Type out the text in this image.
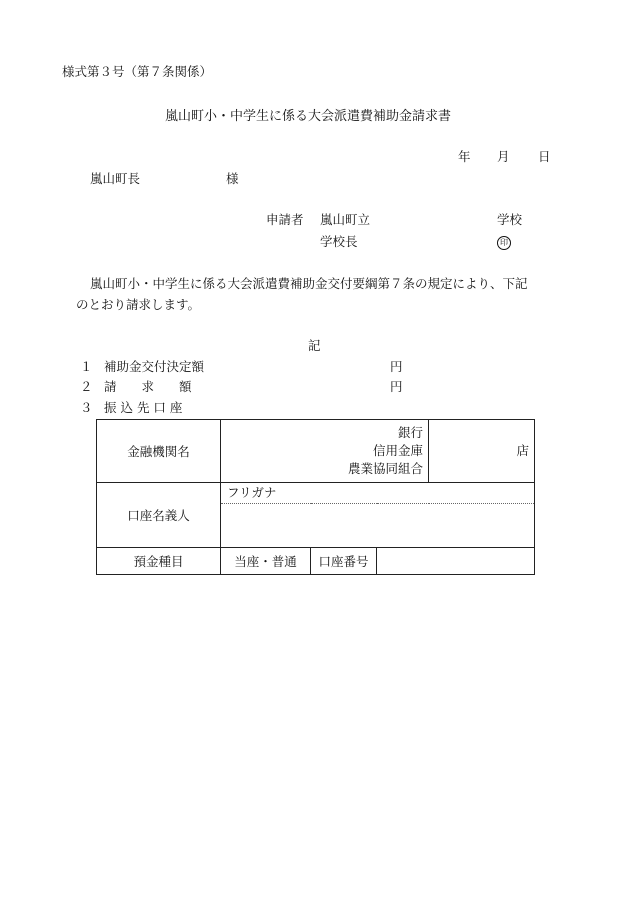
様式第３号（第７条関係）
嵐山町小・中学生に係る大会派遣費補助金請求書
年 月 日
嵐山町長	様
申請者 嵐山町立	学校
学校長	印
嵐山町小・中学生に係る大会派遣費補助金交付要綱第７条の規定により、下記
のとおり請求します。
記
１ 補助金交付決定額	円
２ 請　　求　　額	円
３ 振 込 先 口 座
金融機関名	銀行
信用金庫
農業協同組合			店
口座名義人	フリガナ			

預金種目	当座・普通	口座番号		
